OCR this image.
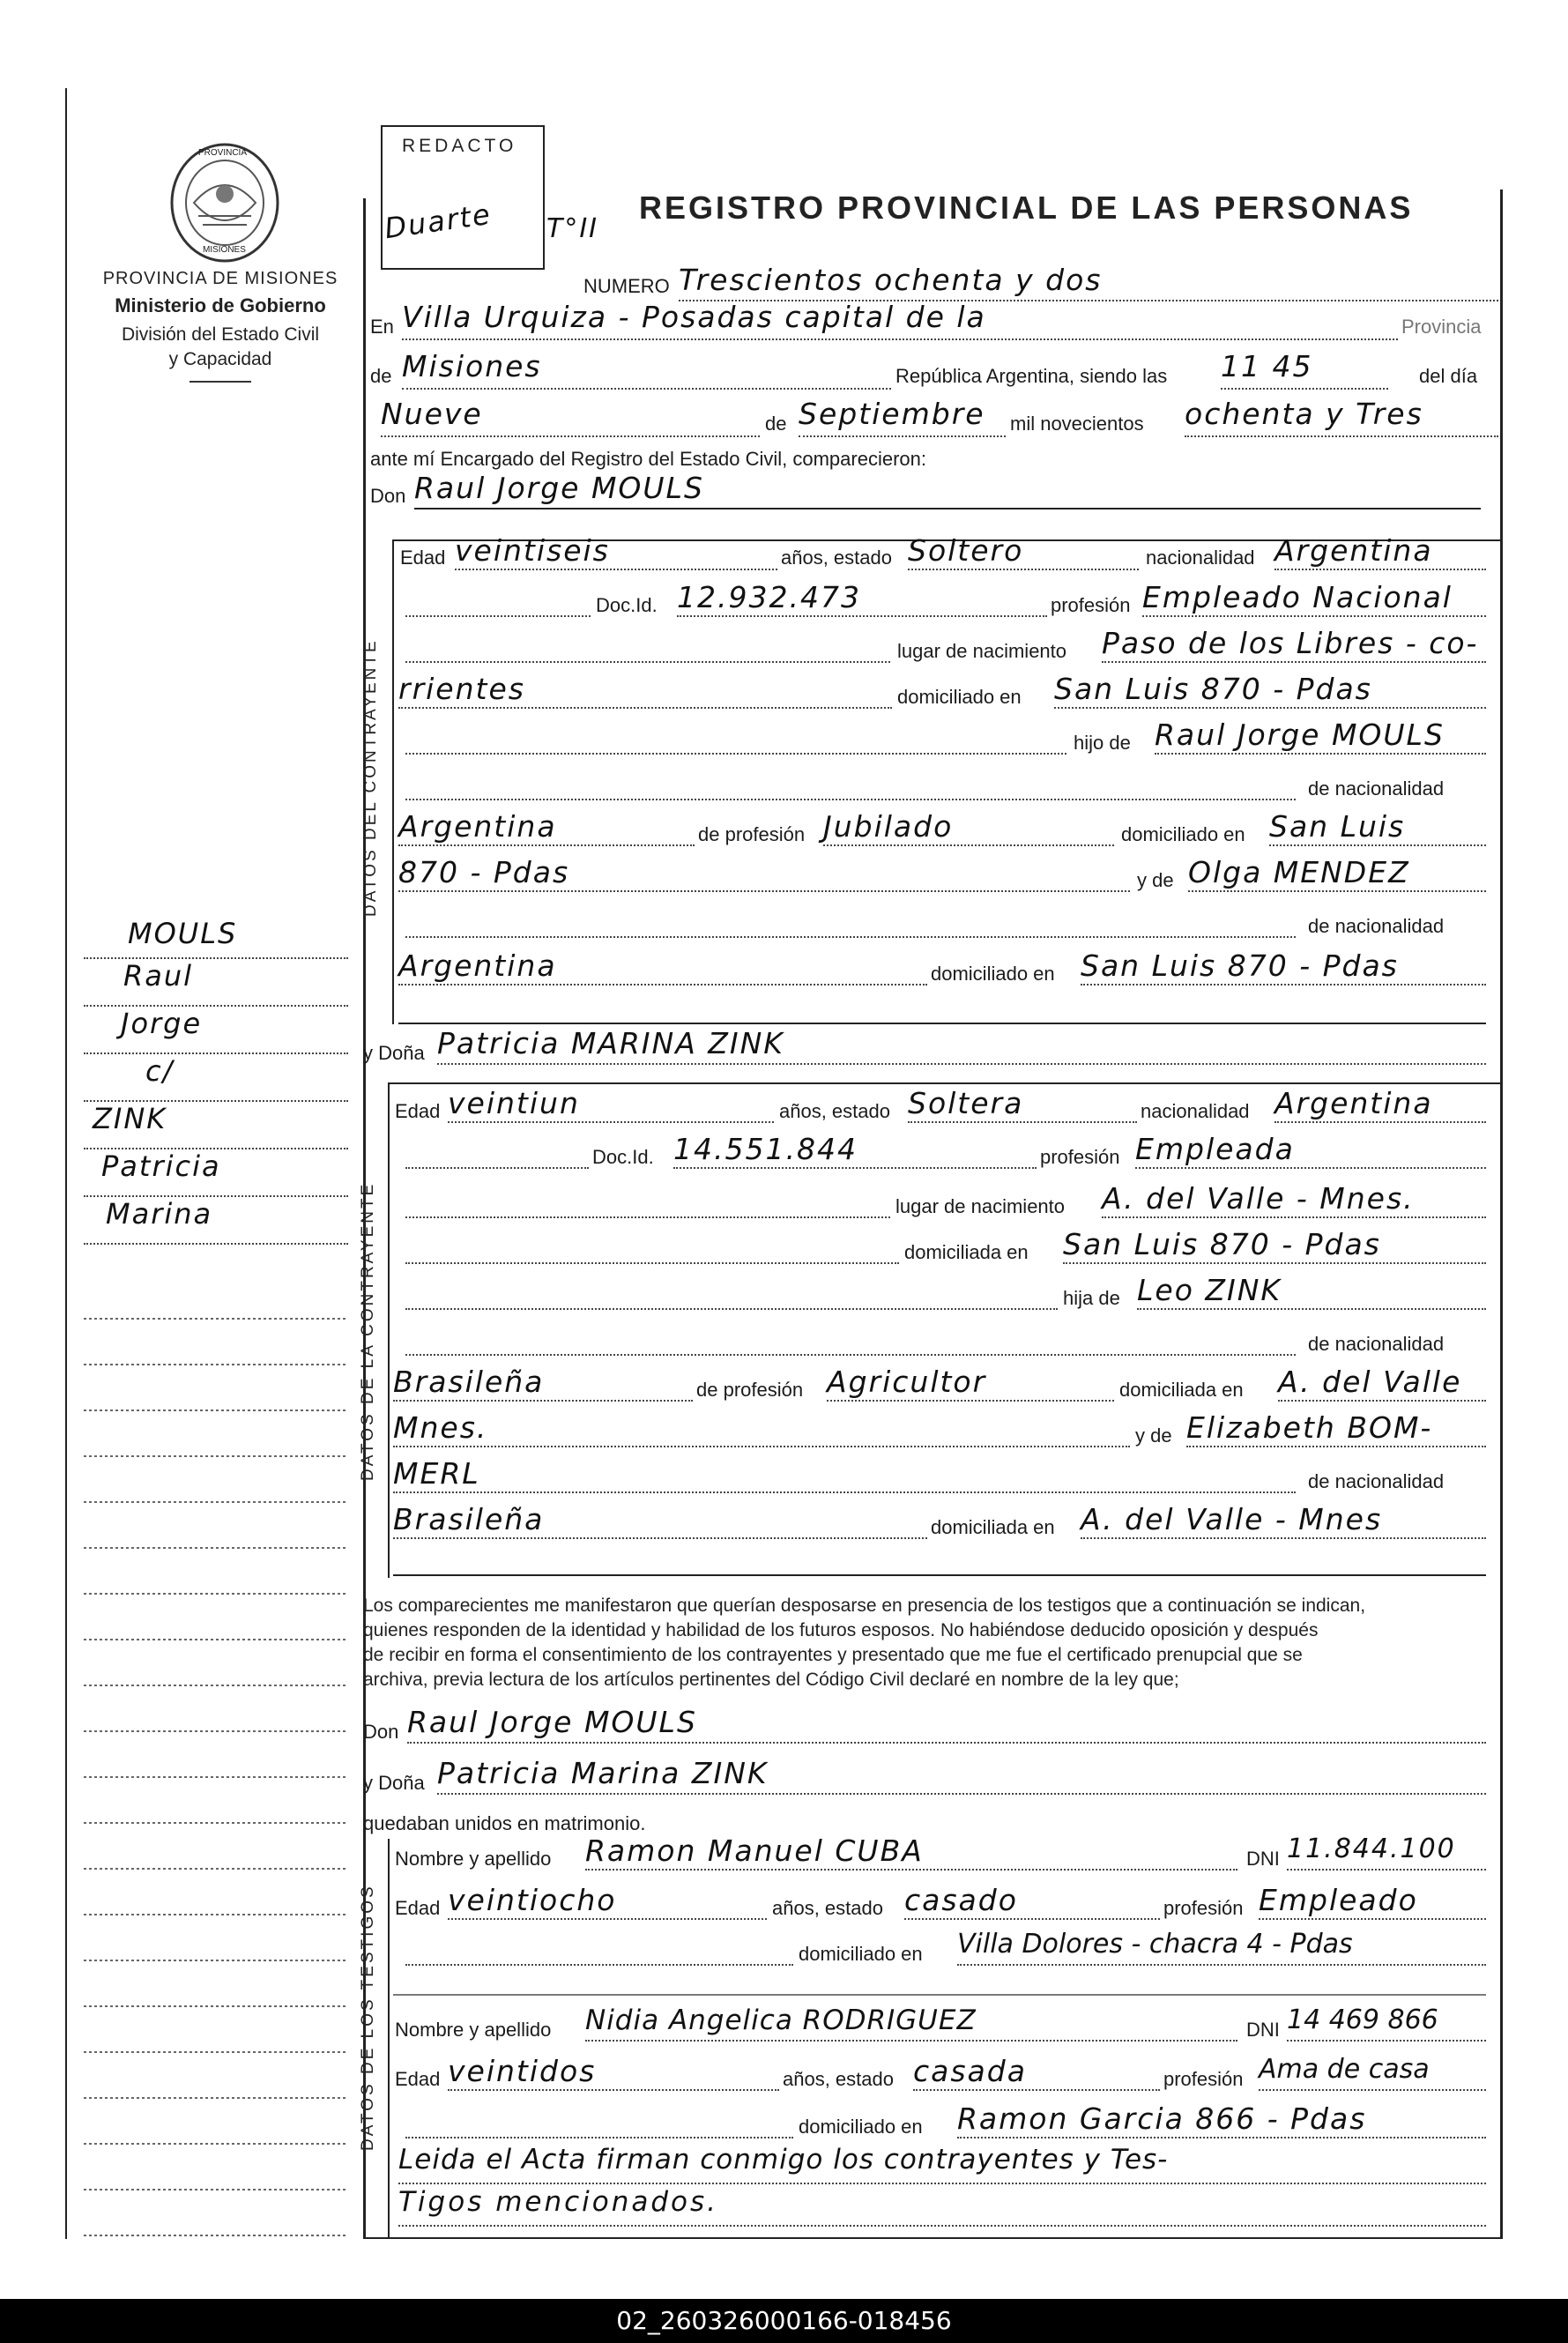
PROVINCIA
MISIONES
PROVINCIA DE MISIONES
Ministerio de Gobierno
División del Estado Civil
y Capacidad
REDACTO
Duarte T°II
REGISTRO PROVINCIAL DE LAS PERSONAS
NUMERO Trescientos ochenta y dos
En Villa Urquiza - Posadas capital de la	Provincia
de Misiones	República Argentina, siendo las 11 45	del día
Nueve	de Septiembre	mil novecientos ochenta y Tres
ante mí Encargado del Registro del Estado Civil, comparecieron:
Don Raul Jorge MOULS
DATOS DEL CONTRAYENTE
Edad veintiseis	años, estado Soltero	nacionalidad Argentina
Doc.Id. 12.932.473	profesión Empleado Nacional
lugar de nacimiento Paso de los Libres - co-
rrientes	domiciliado en San Luis 870 - Pdas
hijo de Raul Jorge MOULS
de nacionalidad
Argentina	de profesión Jubilado	domiciliado en San Luis
870 - Pdas	y de Olga MENDEZ
de nacionalidad
Argentina	domiciliado en San Luis 870 - Pdas
y Doña Patricia MARINA ZINK
DATOS DE LA CONTRAYENTE
Edad veintiun	años, estado Soltera	nacionalidad Argentina
Doc.Id. 14.551.844	profesión Empleada
lugar de nacimiento A. del Valle - Mnes.
domiciliada en San Luis 870 - Pdas
hija de Leo ZINK
de nacionalidad
Brasileña	de profesión Agricultor	domiciliada en A. del Valle
Mnes.	y de Elizabeth BOM-
MERL	de nacionalidad
Brasileña	domiciliada en A. del Valle - Mnes
MOULS
Raul
Jorge
c/
ZINK
Patricia
Marina
Los comparecientes me manifestaron que querían desposarse en presencia de los testigos que a continuación se indican,
quienes responden de la identidad y habilidad de los futuros esposos. No habiéndose deducido oposición y después
de recibir en forma el consentimiento de los contrayentes y presentado que me fue el certificado prenupcial que se
archiva, previa lectura de los artículos pertinentes del Código Civil declaré en nombre de la ley que;
Don Raul Jorge MOULS
y Doña Patricia Marina ZINK
quedaban unidos en matrimonio.
DATOS DE LOS TESTIGOS
Nombre y apellido Ramon Manuel CUBA	DNI 11.844.100
Edad veintiocho	años, estado casado	profesión Empleado
domiciliado en Villa Dolores - chacra 4 - Pdas
Nombre y apellido Nidia Angelica RODRIGUEZ	DNI 14 469 866
Edad veintidos	años, estado casada	profesión Ama de casa
domiciliado en Ramon Garcia 866 - Pdas
Leida el Acta firman conmigo los contrayentes y Tes-
Tigos mencionados.
02_260326000166-018456
